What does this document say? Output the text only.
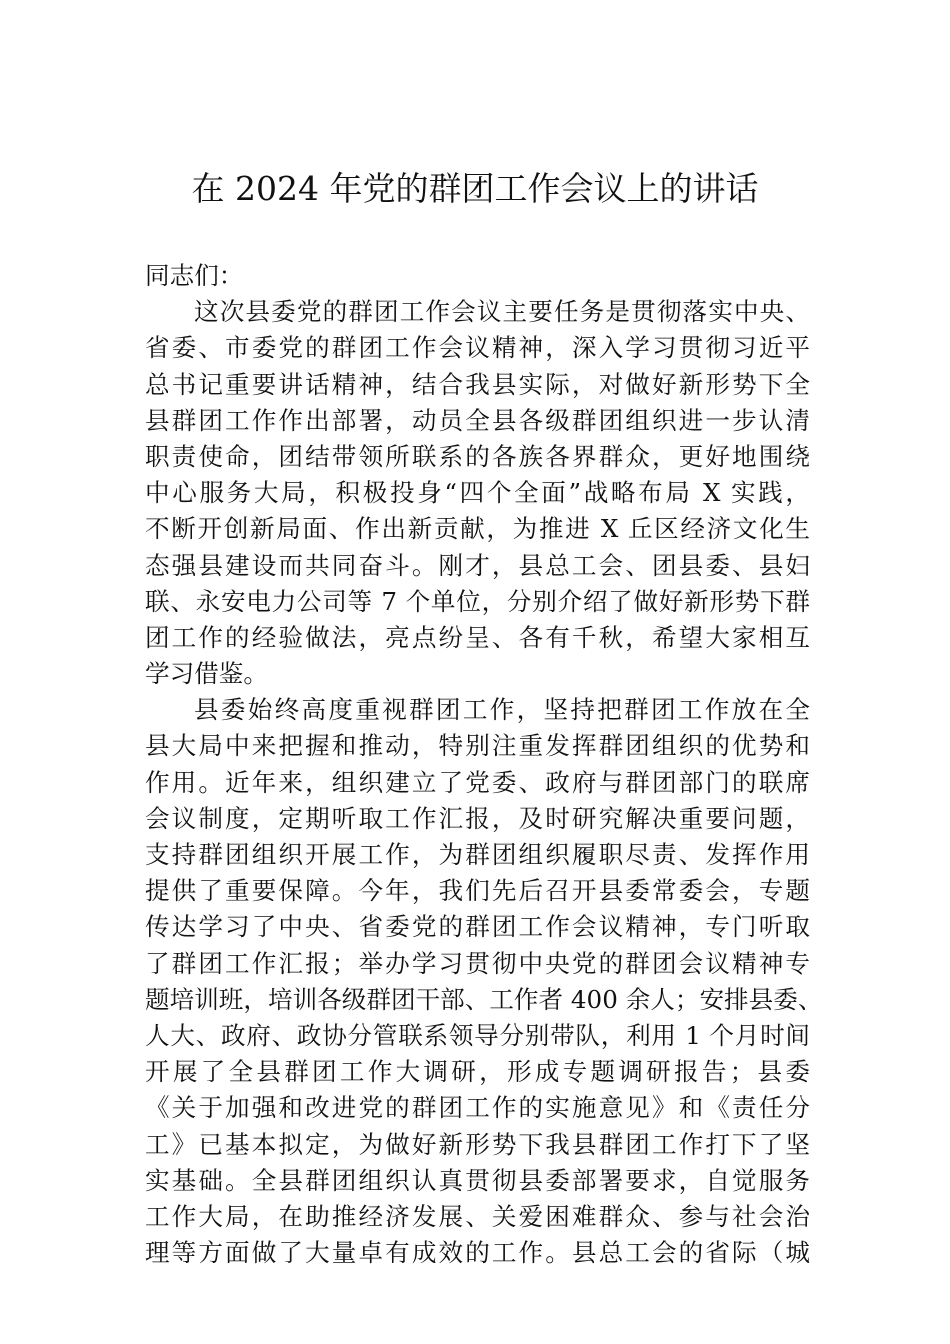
在 2024 年党的群团工作会议上的讲话
同志们：
这次县委党的群团工作会议主要任务是贯彻落实中央、
省委、市委党的群团工作会议精神，深入学习贯彻习近平
总书记重要讲话精神，结合我县实际，对做好新形势下全
县群团工作作出部署，动员全县各级群团组织进一步认清
职责使命，团结带领所联系的各族各界群众，更好地围绕
中心服务大局，积极投身“四个全面”战略布局 X 实践，
不断开创新局面、作出新贡献，为推进 X 丘区经济文化生
态强县建设而共同奋斗。刚才，县总工会、团县委、县妇
联、永安电力公司等 7 个单位，分别介绍了做好新形势下群
团工作的经验做法，亮点纷呈、各有千秋，希望大家相互
学习借鉴。
县委始终高度重视群团工作，坚持把群团工作放在全
县大局中来把握和推动，特别注重发挥群团组织的优势和
作用。近年来，组织建立了党委、政府与群团部门的联席
会议制度，定期听取工作汇报，及时研究解决重要问题，
支持群团组织开展工作，为群团组织履职尽责、发挥作用
提供了重要保障。今年，我们先后召开县委常委会，专题
传达学习了中央、省委党的群团工作会议精神，专门听取
了群团工作汇报；举办学习贯彻中央党的群团会议精神专
题培训班，培训各级群团干部、工作者 400 余人；安排县委、
人大、政府、政协分管联系领导分别带队，利用 1 个月时间
开展了全县群团工作大调研，形成专题调研报告；县委
《关于加强和改进党的群团工作的实施意见》和《责任分
工》已基本拟定，为做好新形势下我县群团工作打下了坚
实基础。全县群团组织认真贯彻县委部署要求，自觉服务
工作大局，在助推经济发展、关爱困难群众、参与社会治
理等方面做了大量卓有成效的工作。县总工会的省际（城
